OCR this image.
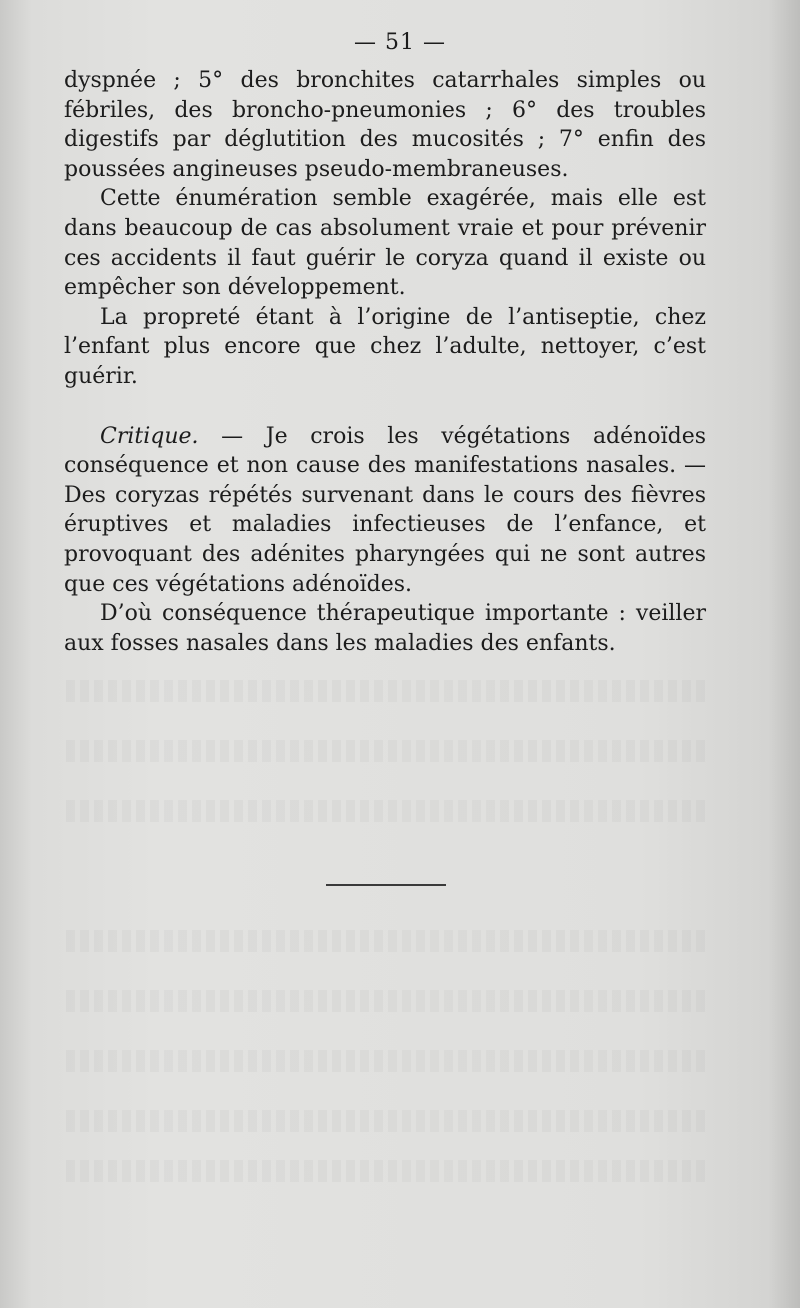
— 51 —

dyspnée ; 5° des bronchites catarrhales simples ou fébriles, des broncho-pneumonies ; 6° des troubles digestifs par déglutition des mucosités ; 7° enfin des poussées angineuses pseudo-membraneuses.

Cette énumération semble exagérée, mais elle est dans beaucoup de cas absolument vraie et pour prévenir ces accidents il faut guérir le coryza quand il existe ou empêcher son développement.

La propreté étant à l’origine de l’antiseptie, chez l’enfant plus encore que chez l’adulte, nettoyer, c’est guérir.

Critique. — Je crois les végétations adénoïdes conséquence et non cause des manifestations nasales. — Des coryzas répétés survenant dans le cours des fièvres éruptives et maladies infectieuses de l’enfance, et provoquant des adénites pharyngées qui ne sont autres que ces végétations adénoïdes.

D’où conséquence thérapeutique importante : veiller aux fosses nasales dans les maladies des enfants.
